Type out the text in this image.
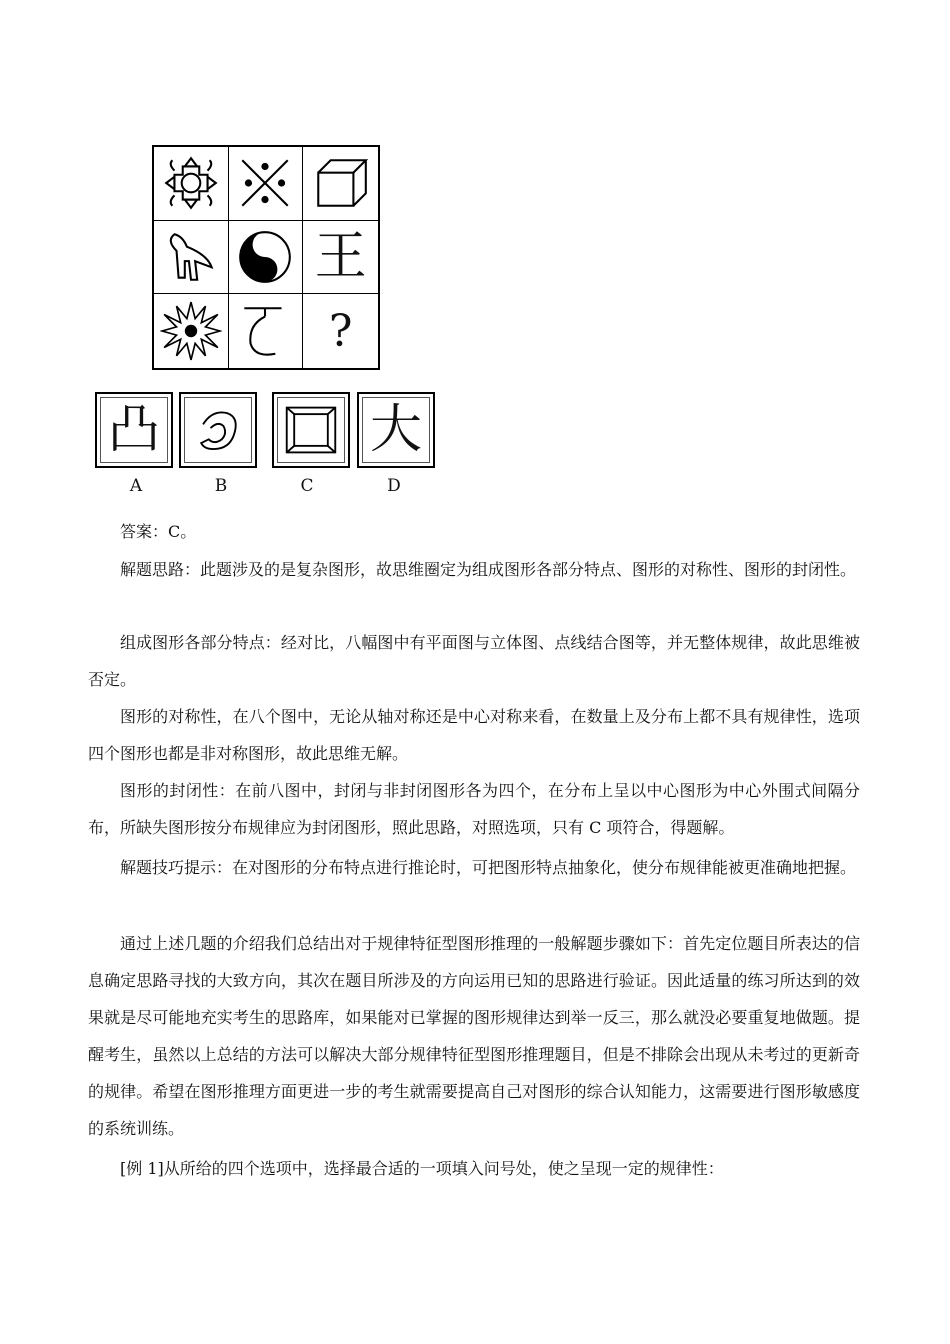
王
?
凸	大
A	B	C	D

答案：C。

解题思路：此题涉及的是复杂图形，故思维圈定为组成图形各部分特点、图形的对称性、图形的封闭性。

组成图形各部分特点：经对比，八幅图中有平面图与立体图、点线结合图等，并无整体规律，故此思维被否定。

图形的对称性，在八个图中，无论从轴对称还是中心对称来看，在数量上及分布上都不具有规律性，选项四个图形也都是非对称图形，故此思维无解。

图形的封闭性：在前八图中，封闭与非封闭图形各为四个，在分布上呈以中心图形为中心外围式间隔分布，所缺失图形按分布规律应为封闭图形，照此思路，对照选项，只有 C 项符合，得题解。

解题技巧提示：在对图形的分布特点进行推论时，可把图形特点抽象化，使分布规律能被更准确地把握。

通过上述几题的介绍我们总结出对于规律特征型图形推理的一般解题步骤如下：首先定位题目所表达的信息确定思路寻找的大致方向，其次在题目所涉及的方向运用已知的思路进行验证。因此适量的练习所达到的效果就是尽可能地充实考生的思路库，如果能对已掌握的图形规律达到举一反三，那么就没必要重复地做题。提醒考生，虽然以上总结的方法可以解决大部分规律特征型图形推理题目，但是不排除会出现从未考过的更新奇的规律。希望在图形推理方面更进一步的考生就需要提高自己对图形的综合认知能力，这需要进行图形敏感度的系统训练。

[例 1]从所给的四个选项中，选择最合适的一项填入问号处，使之呈现一定的规律性：
